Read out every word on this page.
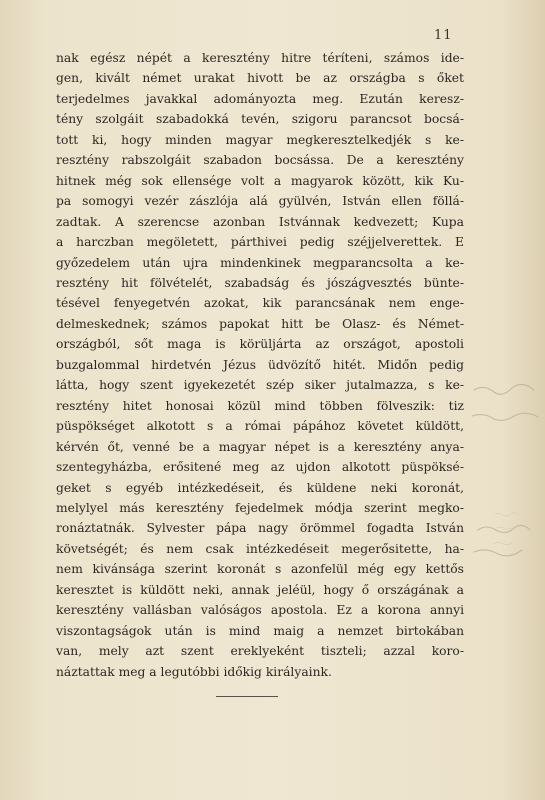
11
nak egész népét a keresztény hitre téríteni, számos ide-
gen, kivált német urakat hivott be az országba s őket
terjedelmes javakkal adományozta meg. Ezután keresz-
tény szolgáit szabadokká tevén, szigoru parancsot bocsá-
tott ki, hogy minden magyar megkeresztelkedjék s ke-
resztény rabszolgáit szabadon bocsássa. De a keresztény
hitnek még sok ellensége volt a magyarok között, kik Ku-
pa somogyi vezér zászlója alá gyülvén, István ellen föllá-
zadtak. A szerencse azonban Istvánnak kedvezett; Kupa
a harczban megöletett, párthivei pedig széjjelverettek. E
győzedelem után ujra mindenkinek megparancsolta a ke-
resztény hit fölvételét, szabadság és jószágvesztés bünte-
tésével fenyegetvén azokat, kik parancsának nem enge-
delmeskednek; számos papokat hitt be Olasz- és Német-
országból, sőt maga is körüljárta az országot, apostoli
buzgalommal hirdetvén Jézus üdvözítő hitét. Midőn pedig
látta, hogy szent igyekezetét szép siker jutalmazza, s ke-
resztény hitet honosai közül mind többen fölveszik: tiz
püspökséget alkotott s a római pápához követet küldött,
kérvén őt, venné be a magyar népet is a keresztény anya-
szentegyházba, erősitené meg az ujdon alkotott püspöksé-
geket s egyéb intézkedéseit, és küldene neki koronát,
melylyel más keresztény fejedelmek módja szerint megko-
ronáztatnák. Sylvester pápa nagy örömmel fogadta István
követségét; és nem csak intézkedéseit megerősitette, ha-
nem kivánsága szerint koronát s azonfelül még egy kettős
keresztet is küldött neki, annak jeléül, hogy ő országának a
keresztény vallásban valóságos apostola. Ez a korona annyi
viszontagságok után is mind maig a nemzet birtokában
van, mely azt szent ereklyeként tiszteli; azzal koro-
náztattak meg a legutóbbi időkig királyaink.
